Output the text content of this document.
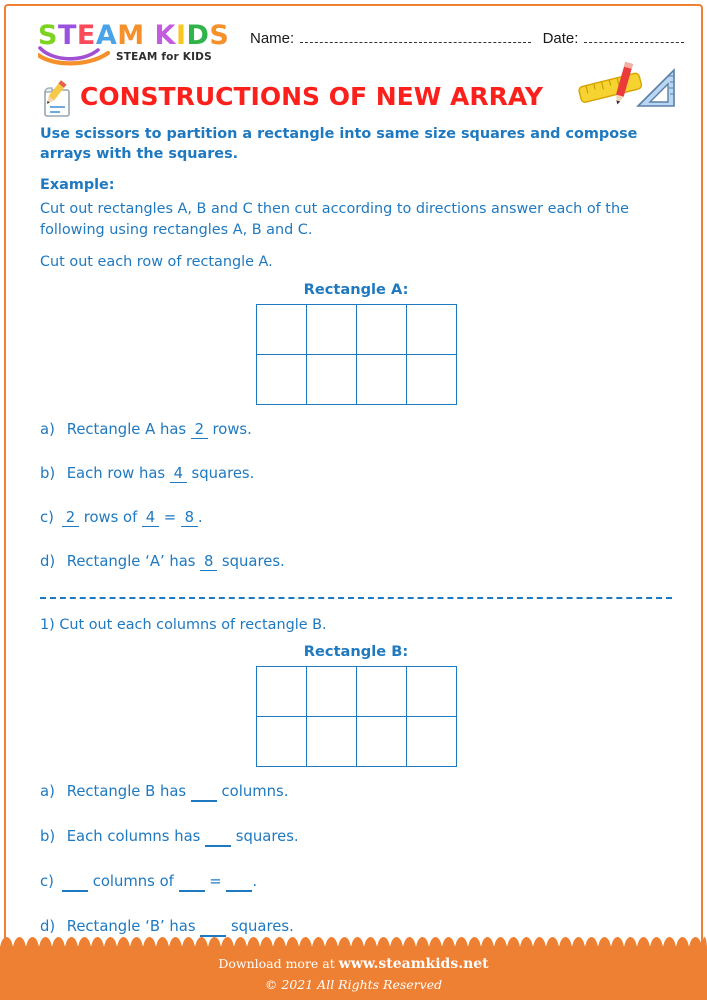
STEAM KIDS
STEAM for KIDS
Name:	Date:
CONSTRUCTIONS OF NEW ARRAY

Use scissors to partition a rectangle into same size squares and compose arrays with the squares.

Example:

Cut out rectangles A, B and C then cut according to directions answer each of the following using rectangles A, B and C.

Cut out each row of rectangle A.

Rectangle A:
a) Rectangle A has 2 rows.
b) Each row has 4 squares.
c) 2 rows of 4 = 8 .
d) Rectangle ‘A’ has 8 squares.

1) Cut out each columns of rectangle B.

Rectangle B:
a) Rectangle B has    columns.
b) Each columns has    squares.
c)   columns of    =   .
d) Rectangle ‘B’ has    squares.
Download more at www.steamkids.net
© 2021 All Rights Reserved
